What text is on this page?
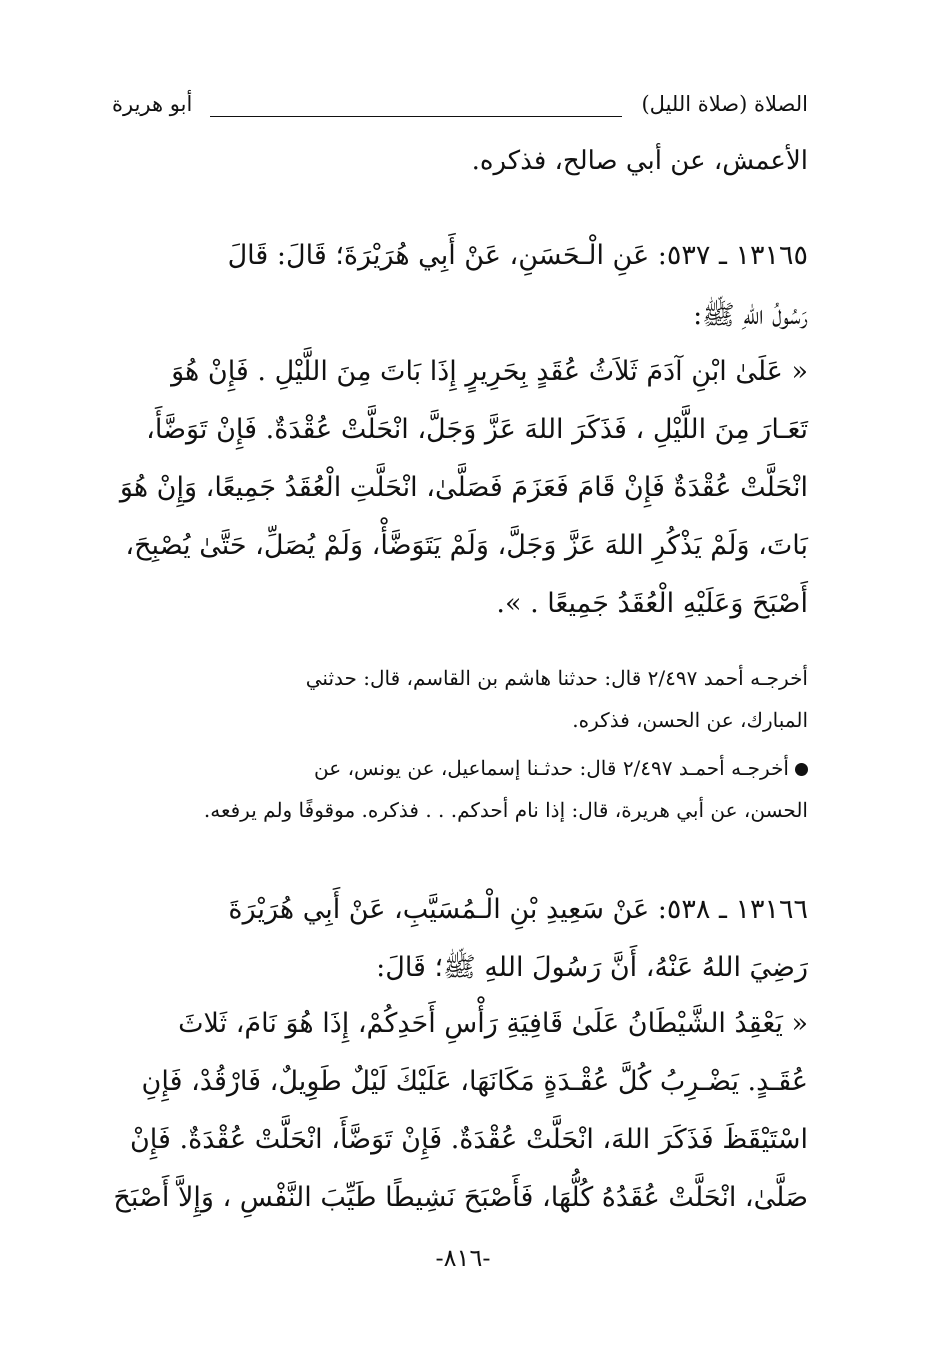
الصلاة (صلاة الليل)
أبو هريرة
الأعمش، عن أبي صالح، فذكره.
١٣١٦٥ ـ ٥٣٧: عَنِ الْـحَسَنِ، عَنْ أَبِي هُرَيْرَةَ؛ قَالَ: قَالَ
رَسُولُ اللهِ ﷺ:
« عَلَىٰ ابْنِ آدَمَ ثَلاَثُ عُقَدٍ بِحَرِيرٍ إِذَا بَاتَ مِنَ اللَّيْلِ . فَإِنْ هُوَ
تَعَـارَ مِنَ اللَّيْلِ ، فَذَكَرَ اللهَ عَزَّ وَجَلَّ، انْحَلَّتْ عُقْدَةٌ. فَإِنْ تَوَضَّأَ،
انْحَلَّتْ عُقْدَةٌ فَإِنْ قَامَ فَعَزَمَ فَصَلَّىٰ، انْحَلَّتِ الْعُقَدُ جَمِيعًا، وَإِنْ هُوَ
بَاتَ، وَلَمْ يَذْكُرِ اللهَ عَزَّ وَجَلَّ، وَلَمْ يَتَوَضَّأْ، وَلَمْ يُصَلِّ، حَتَّىٰ يُصْبِحَ،
أَصْبَحَ وَعَلَيْهِ الْعُقَدُ جَمِيعًا . ».
أخرجـه أحمد ٢/٤٩٧ قال: حدثنا هاشم بن القاسم، قال: حدثني
المبارك، عن الحسن، فذكره.
أخرجـه أحمـد ٢/٤٩٧ قال: حدثـنا إسماعيل، عن يونس، عن
الحسن، عن أبي هريرة، قال: إذا نام أحدكم. . . فذكره. موقوفًا ولم يرفعه.
١٣١٦٦ ـ ٥٣٨: عَنْ سَعِيدِ بْنِ الْـمُسَيَّبِ، عَنْ أَبِي هُرَيْرَةَ
رَضِيَ اللهُ عَنْهُ، أَنَّ رَسُولَ اللهِ ﷺ؛ قَالَ:
« يَعْقِدُ الشَّيْطَانُ عَلَىٰ قَافِيَةِ رَأْسِ أَحَدِكُمْ، إِذَا هُوَ نَامَ، ثَلاثَ
عُقَـدٍ. يَضْـرِبُ كُلَّ عُقْـدَةٍ مَكَانَهَا، عَلَيْكَ لَيْلٌ طَوِيلٌ، فَارْقُدْ، فَإِنِ
اسْتَيْقَظَ فَذَكَرَ اللهَ، انْحَلَّتْ عُقْدَةٌ. فَإِنْ تَوَضَّأَ، انْحَلَّتْ عُقْدَةٌ. فَإِنْ
صَلَّىٰ، انْحَلَّتْ عُقَدُهُ كُلُّهَا، فَأَصْبَحَ نَشِيطًا طَيِّبَ النَّفْسِ ، وَإِلاَّ أَصْبَحَ
-٨١٦-
